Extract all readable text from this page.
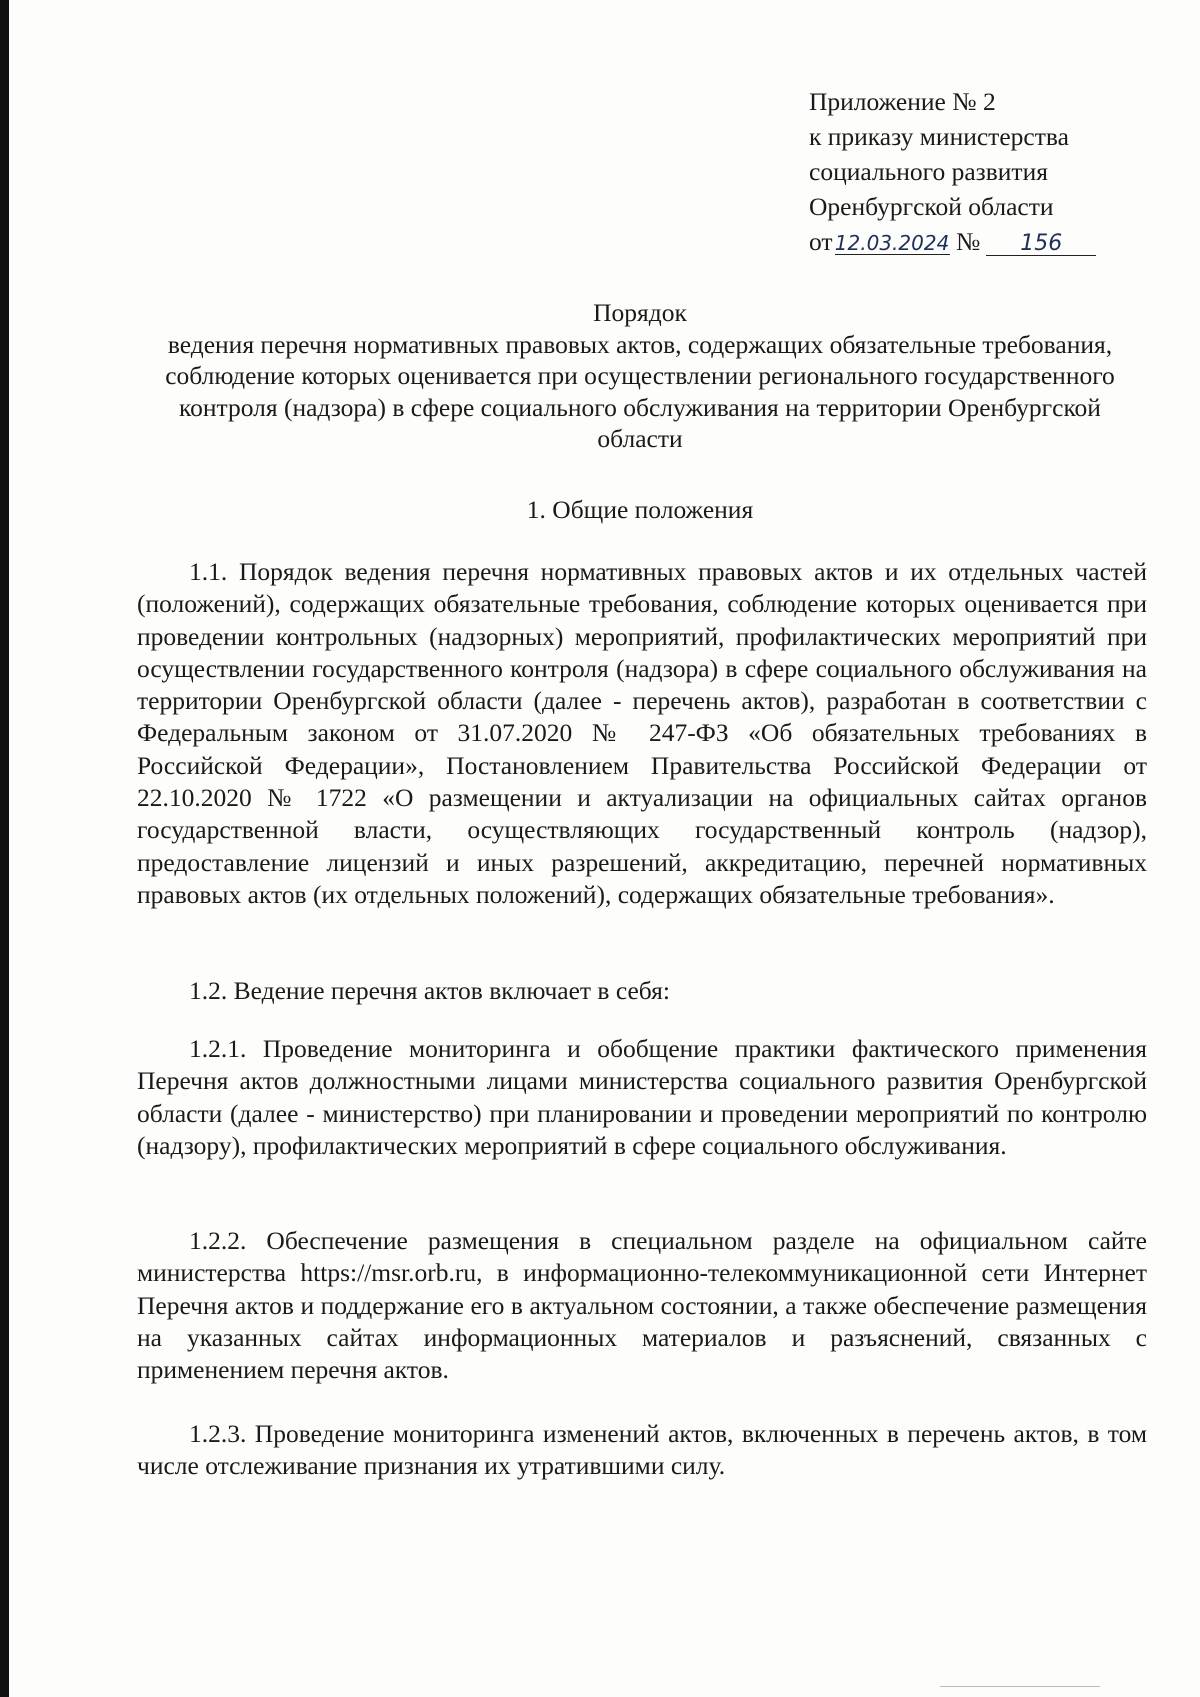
Приложение № 2
к приказу министерства
социального развития
Оренбургской области
от 12.03.2024 № 156
Порядок
ведения перечня нормативных правовых актов, содержащих обязательные требования, соблюдение которых оценивается при осуществлении регионального государственного контроля (надзора) в сфере социального обслуживания на территории Оренбургской области
1. Общие положения

1.1. Порядок ведения перечня нормативных правовых актов и их отдельных частей (положений), содержащих обязательные требования, соблюдение которых оценивается при проведении контрольных (надзорных) мероприятий, профилактических мероприятий при осуществлении государственного контроля (надзора) в сфере социального обслуживания на территории Оренбургской области (далее - перечень актов), разработан в соответствии с Федеральным законом от 31.07.2020 № 247-ФЗ «Об обязательных требованиях в Российской Федерации», Постановлением Правительства Российской Федерации от 22.10.2020 № 1722 «О размещении и актуализации на официальных сайтах органов государственной власти, осуществляющих государственный контроль (надзор), предоставление лицензий и иных разрешений, аккредитацию, перечней нормативных правовых актов (их отдельных положений), содержащих обязательные требования».

1.2. Ведение перечня актов включает в себя:

1.2.1. Проведение мониторинга и обобщение практики фактического применения Перечня актов должностными лицами министерства социального развития Оренбургской области (далее - министерство) при планировании и проведении мероприятий по контролю (надзору), профилактических мероприятий в сфере социального обслуживания.

1.2.2. Обеспечение размещения в специальном разделе на официальном сайте министерства https://msr.orb.ru, в информационно-телекоммуникационной сети Интернет Перечня актов и поддержание его в актуальном состоянии, а также обеспечение размещения на указанных сайтах информационных материалов и разъяснений, связанных с применением перечня актов.

1.2.3. Проведение мониторинга изменений актов, включенных в перечень актов, в том числе отслеживание признания их утратившими силу.
